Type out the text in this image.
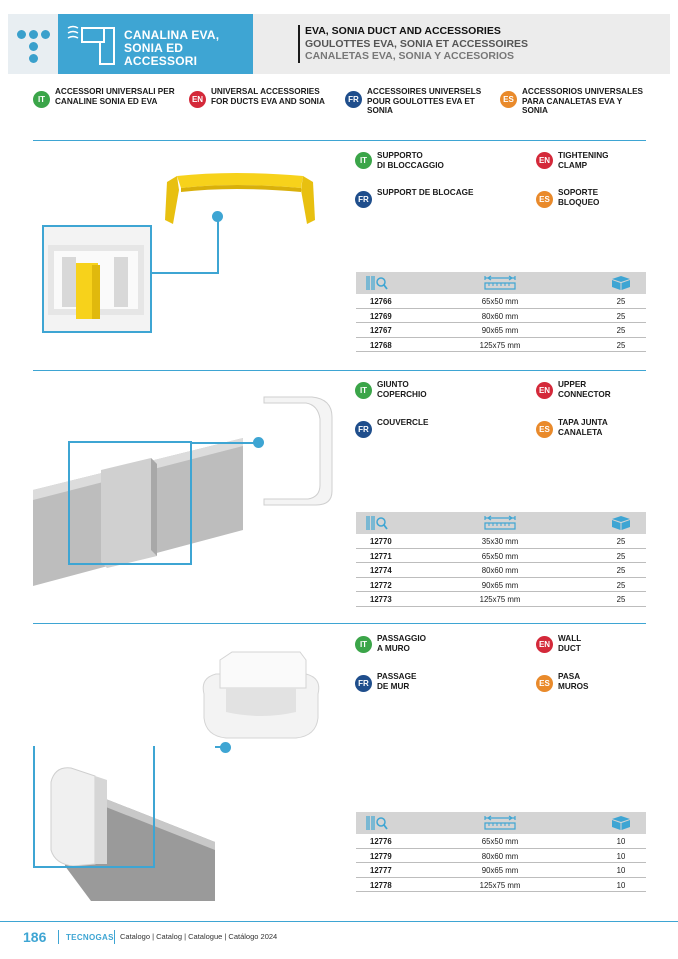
CANALINA EVA,
SONIA ED ACCESSORI
EVA, SONIA DUCT AND ACCESSORIES
GOULOTTES EVA, SONIA ET ACCESSOIRES
CANALETAS EVA, SONIA Y ACCESORIOS
IT
ACCESSORI UNIVERSALI PER
CANALINE SONIA ED EVA	EN
UNIVERSAL ACCESSORIES
FOR DUCTS EVA AND SONIA	FR
ACCESSOIRES UNIVERSELS
POUR GOULOTTES EVA ET
SONIA
ES
ACCESSORIOS UNIVERSALES
PARA CANALETAS EVA Y
SONIA
IT
SUPPORTO
DI BLOCCAGGIO	EN
TIGHTENING
CLAMP
FR
SUPPORT DE BLOCAGE
ES
SOPORTE
BLOQUEO
12766	65x50 mm	25
12769	80x60 mm	25
12767	90x65 mm	25
12768	125x75 mm	25
IT
GIUNTO
COPERCHIO	EN
UPPER
CONNECTOR
FR
COUVERCLE
ES
TAPA JUNTA
CANALETA
12770	35x30 mm	25
12771	65x50 mm	25
12774	80x60 mm	25
12772	90x65 mm	25
12773	125x75 mm	25
IT
PASSAGGIO
A MURO	EN
WALL
DUCT
FR
PASSAGE
DE MUR	ES
PASA
MUROS
12776	65x50 mm	10
12779	80x60 mm	10
12777	90x65 mm	10
12778	125x75 mm	10
186 TECNOGAS Catalogo | Catalog | Catalogue | Catálogo 2024
